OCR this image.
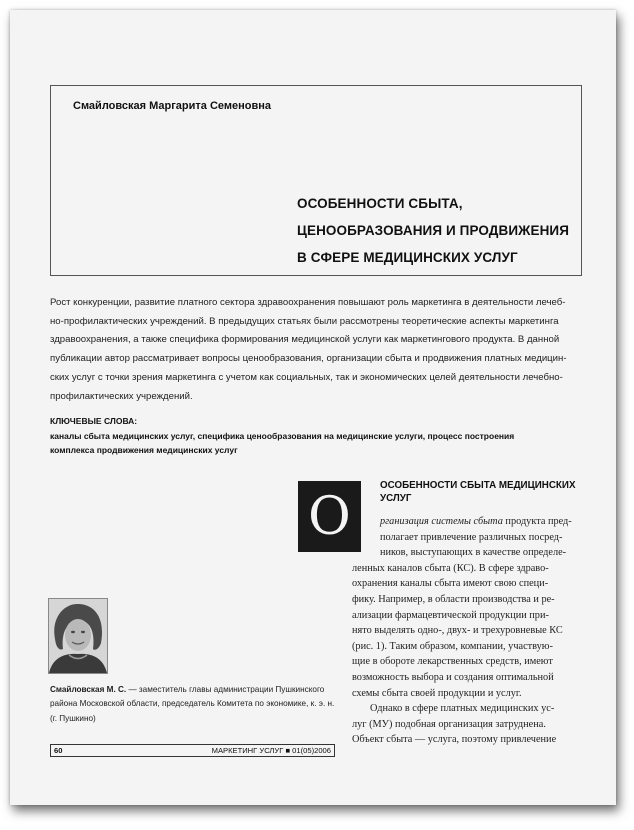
Смайловская Маргарита Семеновна
ОСОБЕННОСТИ СБЫТА,
ЦЕНООБРАЗОВАНИЯ И ПРОДВИЖЕНИЯ
В СФЕРЕ МЕДИЦИНСКИХ УСЛУГ
Рост конкуренции, развитие платного сектора здравоохранения повышают роль маркетинга в деятельности лечеб-
но-профилактических учреждений. В предыдущих статьях были рассмотрены теоретические аспекты маркетинга
здравоохранения, а также специфика формирования медицинской услуги как маркетингового продукта. В данной
публикации автор рассматривает вопросы ценообразования, организации сбыта и продвижения платных медицин-
ских услуг с точки зрения маркетинга с учетом как социальных, так и экономических целей деятельности лечебно-
профилактических учреждений.
КЛЮЧЕВЫЕ СЛОВА:
каналы сбыта медицинских услуг, специфика ценообразования на медицинские услуги, процесс построения
комплекса продвижения медицинских услуг
О
ОСОБЕННОСТИ СБЫТА МЕДИЦИНСКИХ
УСЛУГ
рганизация системы сбыта продукта пред-
полагает привлечение различных посред-
ников, выступающих в качестве определе-
ленных каналов сбыта (КС). В сфере здраво-
охранения каналы сбыта имеют свою специ-
фику. Например, в области производства и ре-
ализации фармацевтической продукции при-
нято выделять одно-, двух- и трехуровневые КС
(рис. 1). Таким образом, компании, участвую-
щие в обороте лекарственных средств, имеют
возможность выбора и создания оптимальной
схемы сбыта своей продукции и услуг.
Однако в сфере платных медицинских ус-
луг (МУ) подобная организация затруднена.
Объект сбыта — услуга, поэтому привлечение
Смайловская М. С. — заместитель главы администрации Пушкинского
района Московской области, председатель Комитета по экономике, к. э. н.
(г. Пушкино)
60	МАРКЕТИНГ УСЛУГ ■ 01(05)2006
